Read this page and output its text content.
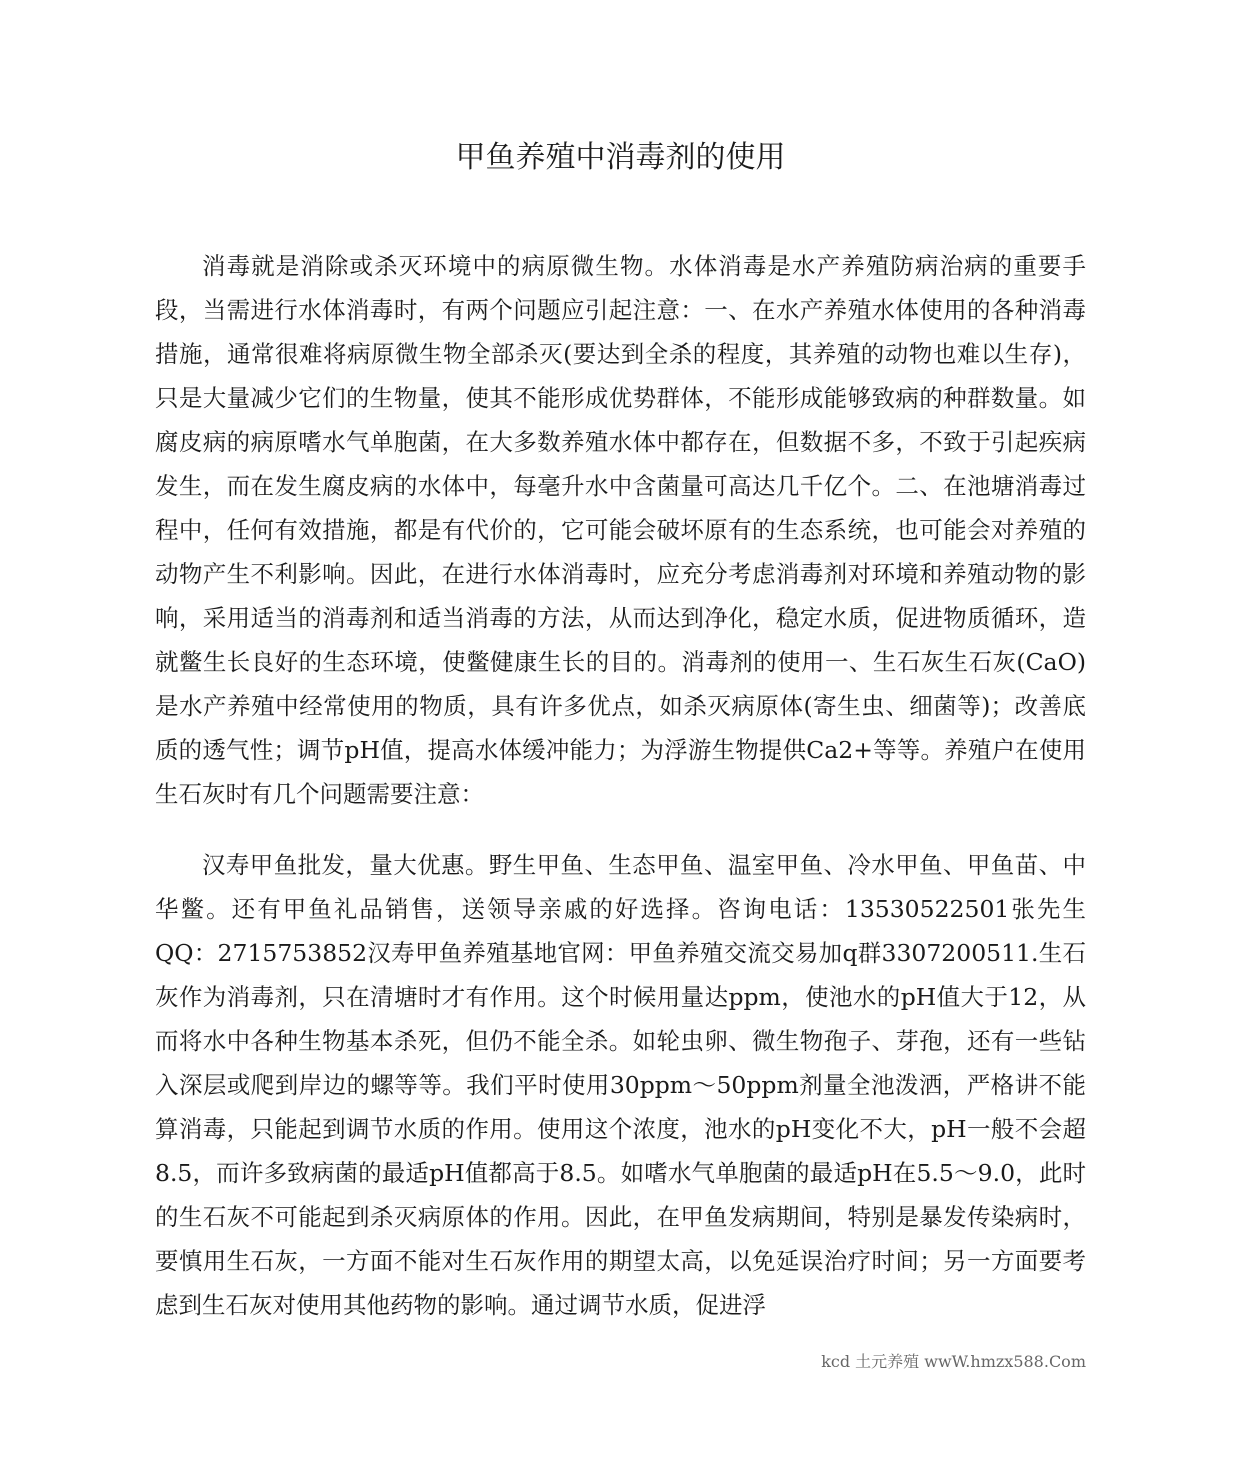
甲鱼养殖中消毒剂的使用

消毒就是消除或杀灭环境中的病原微生物。水体消毒是水产养殖防病治病的重要手段，当需进行水体消毒时，有两个问题应引起注意：一、在水产养殖水体使用的各种消毒措施，通常很难将病原微生物全部杀灭(要达到全杀的程度，其养殖的动物也难以生存)，只是大量减少它们的生物量，使其不能形成优势群体，不能形成能够致病的种群数量。如腐皮病的病原嗜水气单胞菌，在大多数养殖水体中都存在，但数据不多，不致于引起疾病发生，而在发生腐皮病的水体中，每毫升水中含菌量可高达几千亿个。二、在池塘消毒过程中，任何有效措施，都是有代价的，它可能会破坏原有的生态系统，也可能会对养殖的动物产生不利影响。因此，在进行水体消毒时，应充分考虑消毒剂对环境和养殖动物的影响，采用适当的消毒剂和适当消毒的方法，从而达到净化，稳定水质，促进物质循环，造就鳖生长良好的生态环境，使鳖健康生长的目的。消毒剂的使用一、生石灰生石灰(CaO)是水产养殖中经常使用的物质，具有许多优点，如杀灭病原体(寄生虫、细菌等)；改善底质的透气性；调节pH值，提高水体缓冲能力；为浮游生物提供Ca2+等等。养殖户在使用生石灰时有几个问题需要注意：

汉寿甲鱼批发，量大优惠。野生甲鱼、生态甲鱼、温室甲鱼、冷水甲鱼、甲鱼苗、中华鳖。还有甲鱼礼品销售，送领导亲戚的好选择。咨询电话：13530522501张先生QQ：2715753852汉寿甲鱼养殖基地官网：甲鱼养殖交流交易加q群3307200511.生石灰作为消毒剂，只在清塘时才有作用。这个时候用量达ppm，使池水的pH值大于12，从而将水中各种生物基本杀死，但仍不能全杀。如轮虫卵、微生物孢子、芽孢，还有一些钻入深层或爬到岸边的螺等等。我们平时使用30ppm～50ppm剂量全池泼洒，严格讲不能算消毒，只能起到调节水质的作用。使用这个浓度，池水的pH变化不大，pH一般不会超8.5，而许多致病菌的最适pH值都高于8.5。如嗜水气单胞菌的最适pH在5.5～9.0，此时的生石灰不可能起到杀灭病原体的作用。因此，在甲鱼发病期间，特别是暴发传染病时，要慎用生石灰，一方面不能对生石灰作用的期望太高，以免延误治疗时间；另一方面要考虑到生石灰对使用其他药物的影响。通过调节水质，促进浮

kcd 土元养殖 wwW.hmzx588.Com
